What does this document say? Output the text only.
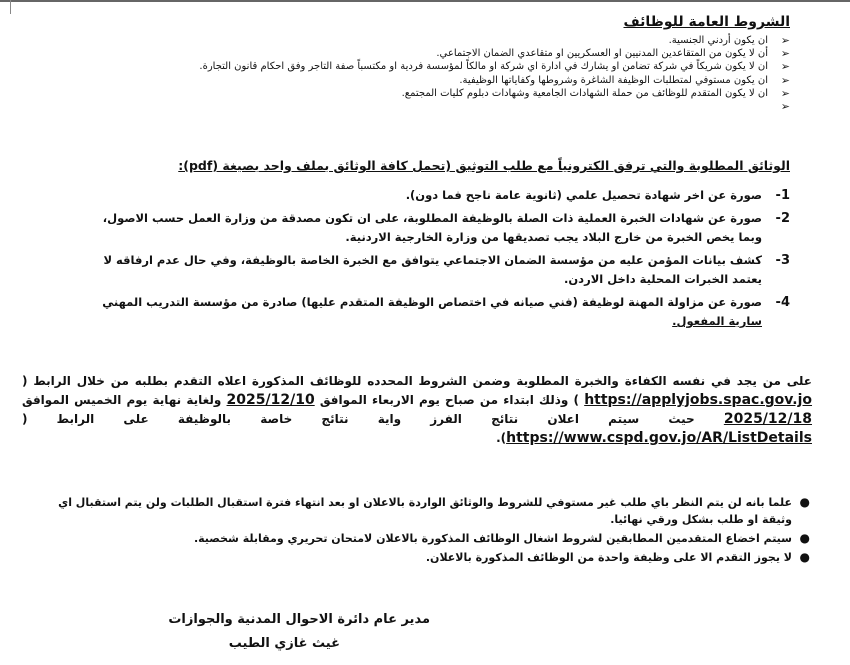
الشروط العامة للوظائف
➢
ان يكون أردني الجنسية.
➢
أن لا يكون من المتقاعدين المدنيين او العسكريين او متقاعدي الضمان الاجتماعي.
➢
ان لا يكون شريكاً في شركة تضامن او يشارك في ادارة اي شركة او مالكاً لمؤسسة فردية او مكتسباً صفة التاجر وفق احكام قانون التجارة.
➢
ان يكون مستوفي لمتطلبات الوظيفة الشاغرة وشروطها وكفاياتها الوظيفية.
➢
ان لا يكون المتقدم للوظائف من حملة الشهادات الجامعية وشهادات دبلوم كليات المجتمع.
➢
الوثائق المطلوبة والتي ترفق الكترونياً مع طلب التوثيق (تحمل كافة الوثائق بملف واحد بصيغة (pdf):
1-
صورة عن اخر شهادة تحصيل علمي (ثانوية عامة ناجح فما دون).
2-
صورة عن شهادات الخبرة العملية ذات الصلة بالوظيفة المطلوبة، على ان تكون مصدقة من وزارة العمل حسب الاصول، وبما يخص الخبرة من خارج البلاد يجب تصديقها من وزارة الخارجية الاردنية.
3-
كشف بيانات المؤمن عليه من مؤسسة الضمان الاجتماعي يتوافق مع الخبرة الخاصة بالوظيفة، وفي حال عدم ارفاقه لا يعتمد الخبرات المحلية داخل الاردن.
4-
صورة عن مزاولة المهنة لوظيفة (فني صيانه في اختصاص الوظيفة المتقدم عليها) صادرة من مؤسسة التدريب المهني سارية المفعول.
على من يجد في نفسه الكفاءة والخبرة المطلوبة وضمن الشروط المحدده للوظائف المذكورة اعلاه التقدم بطلبه من خلال الرابط ( https://applyjobs.spac.gov.jo ) وذلك ابتداء من صباح يوم الاربعاء الموافق 2025/12/10 ولغاية نهاية يوم الخميس الموافق 2025/12/18 حيث سيتم اعلان نتائج الفرز واية نتائج خاصة بالوظيفة على الرابط ( https://www.cspd.gov.jo/AR/ListDetails).
●
علما بانه لن يتم النظر باي طلب غير مستوفي للشروط والوثائق الواردة بالاعلان او بعد انتهاء فترة استقبال الطلبات ولن يتم استقبال اي وثيقة او طلب بشكل ورقي نهائيا.
●
سيتم اخضاع المتقدمين المطابقين لشروط اشغال الوظائف المذكورة بالاعلان لامتحان تحريري ومقابلة شخصية.
●
لا يجوز التقدم الا على وظيفة واحدة من الوظائف المذكورة بالاعلان.
مدير عام دائرة الاحوال المدنية والجوازات
غيث غازي الطيب
